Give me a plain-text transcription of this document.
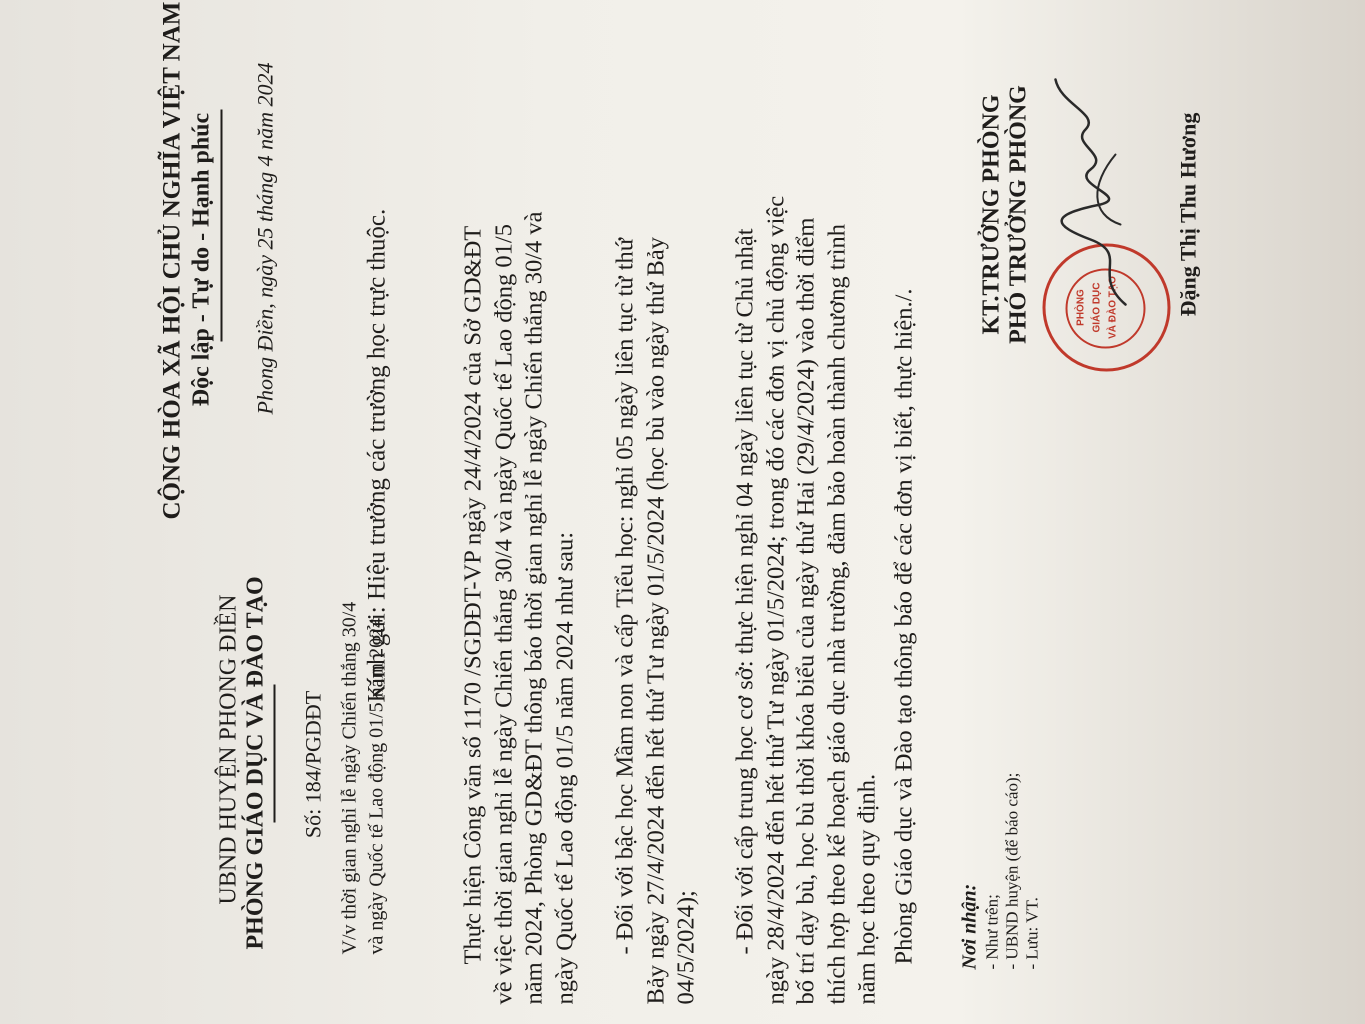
UBND HUYỆN PHONG ĐIỀN PHÒNG GIÁO DỤC VÀ ĐÀO TẠO Số: 184/PGDĐT V/v thời gian nghỉ lễ ngày Chiến thắng 30/4 và ngày Quốc tế Lao động 01/5 năm 2024
CỘNG HÒA XÃ HỘI CHỦ NGHĨA VIỆT NAM Độc lập - Tự do - Hạnh phúc Phong Điền, ngày 25 tháng 4 năm 2024	Kính gửi: Hiệu trưởng các trường học trực thuộc.	Thực hiện Công văn số 1170 /SGDĐT-VP ngày 24/4/2024 của Sở GD&ĐT về việc thời gian nghỉ lễ ngày Chiến thắng 30/4 và ngày Quốc tế Lao động 01/5 năm 2024, Phòng GD&ĐT thông báo thời gian nghỉ lễ ngày Chiến thắng 30/4 và ngày Quốc tế Lao động 01/5 năm 2024 như sau: - Đối với bậc học Mầm non và cấp Tiểu học: nghỉ 05 ngày liên tục từ thứ Bảy ngày 27/4/2024 đến hết thứ Tư ngày 01/5/2024 (học bù vào ngày thứ Bảy 04/5/2024); - Đối với cấp trung học cơ sở: thực hiện nghỉ 04 ngày liên tục từ Chủ nhật ngày 28/4/2024 đến hết thứ Tư ngày 01/5/2024; trong đó các đơn vị chủ động việc bố trí dạy bù, học bù thời khóa biểu của ngày thứ Hai (29/4/2024) vào thời điểm thích hợp theo kế hoạch giáo dục nhà trường, đảm bảo hoàn thành chương trình năm học theo quy định. Phòng Giáo dục và Đào tạo thông báo để các đơn vị biết, thực hiện./. Nơi nhận: - Như trên; - UBND huyện (để báo cáo); - Lưu: VT.
KT.TRƯỞNG PHÒNG PHÓ TRƯỞNG PHÒNG	PHÒNG GIÁO DỤC VÀ ĐÀO TẠO	Đặng Thị Thu Hương
